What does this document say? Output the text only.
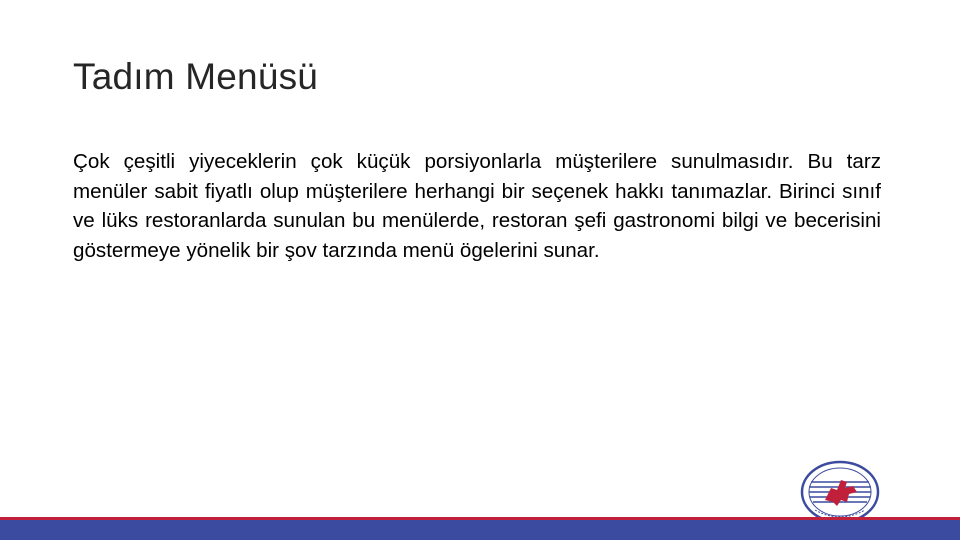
Tadım Menüsü

Çok çeşitli yiyeceklerin çok küçük porsiyonlarla müşterilere sunulmasıdır. Bu tarz menüler sabit fiyatlı olup müşterilere herhangi bir seçenek hakkı tanımazlar. Birinci sınıf ve lüks restoranlarda sunulan bu menülerde, restoran şefi gastronomi bilgi ve becerisini göstermeye yönelik bir şov tarzında menü ögelerini sunar.
